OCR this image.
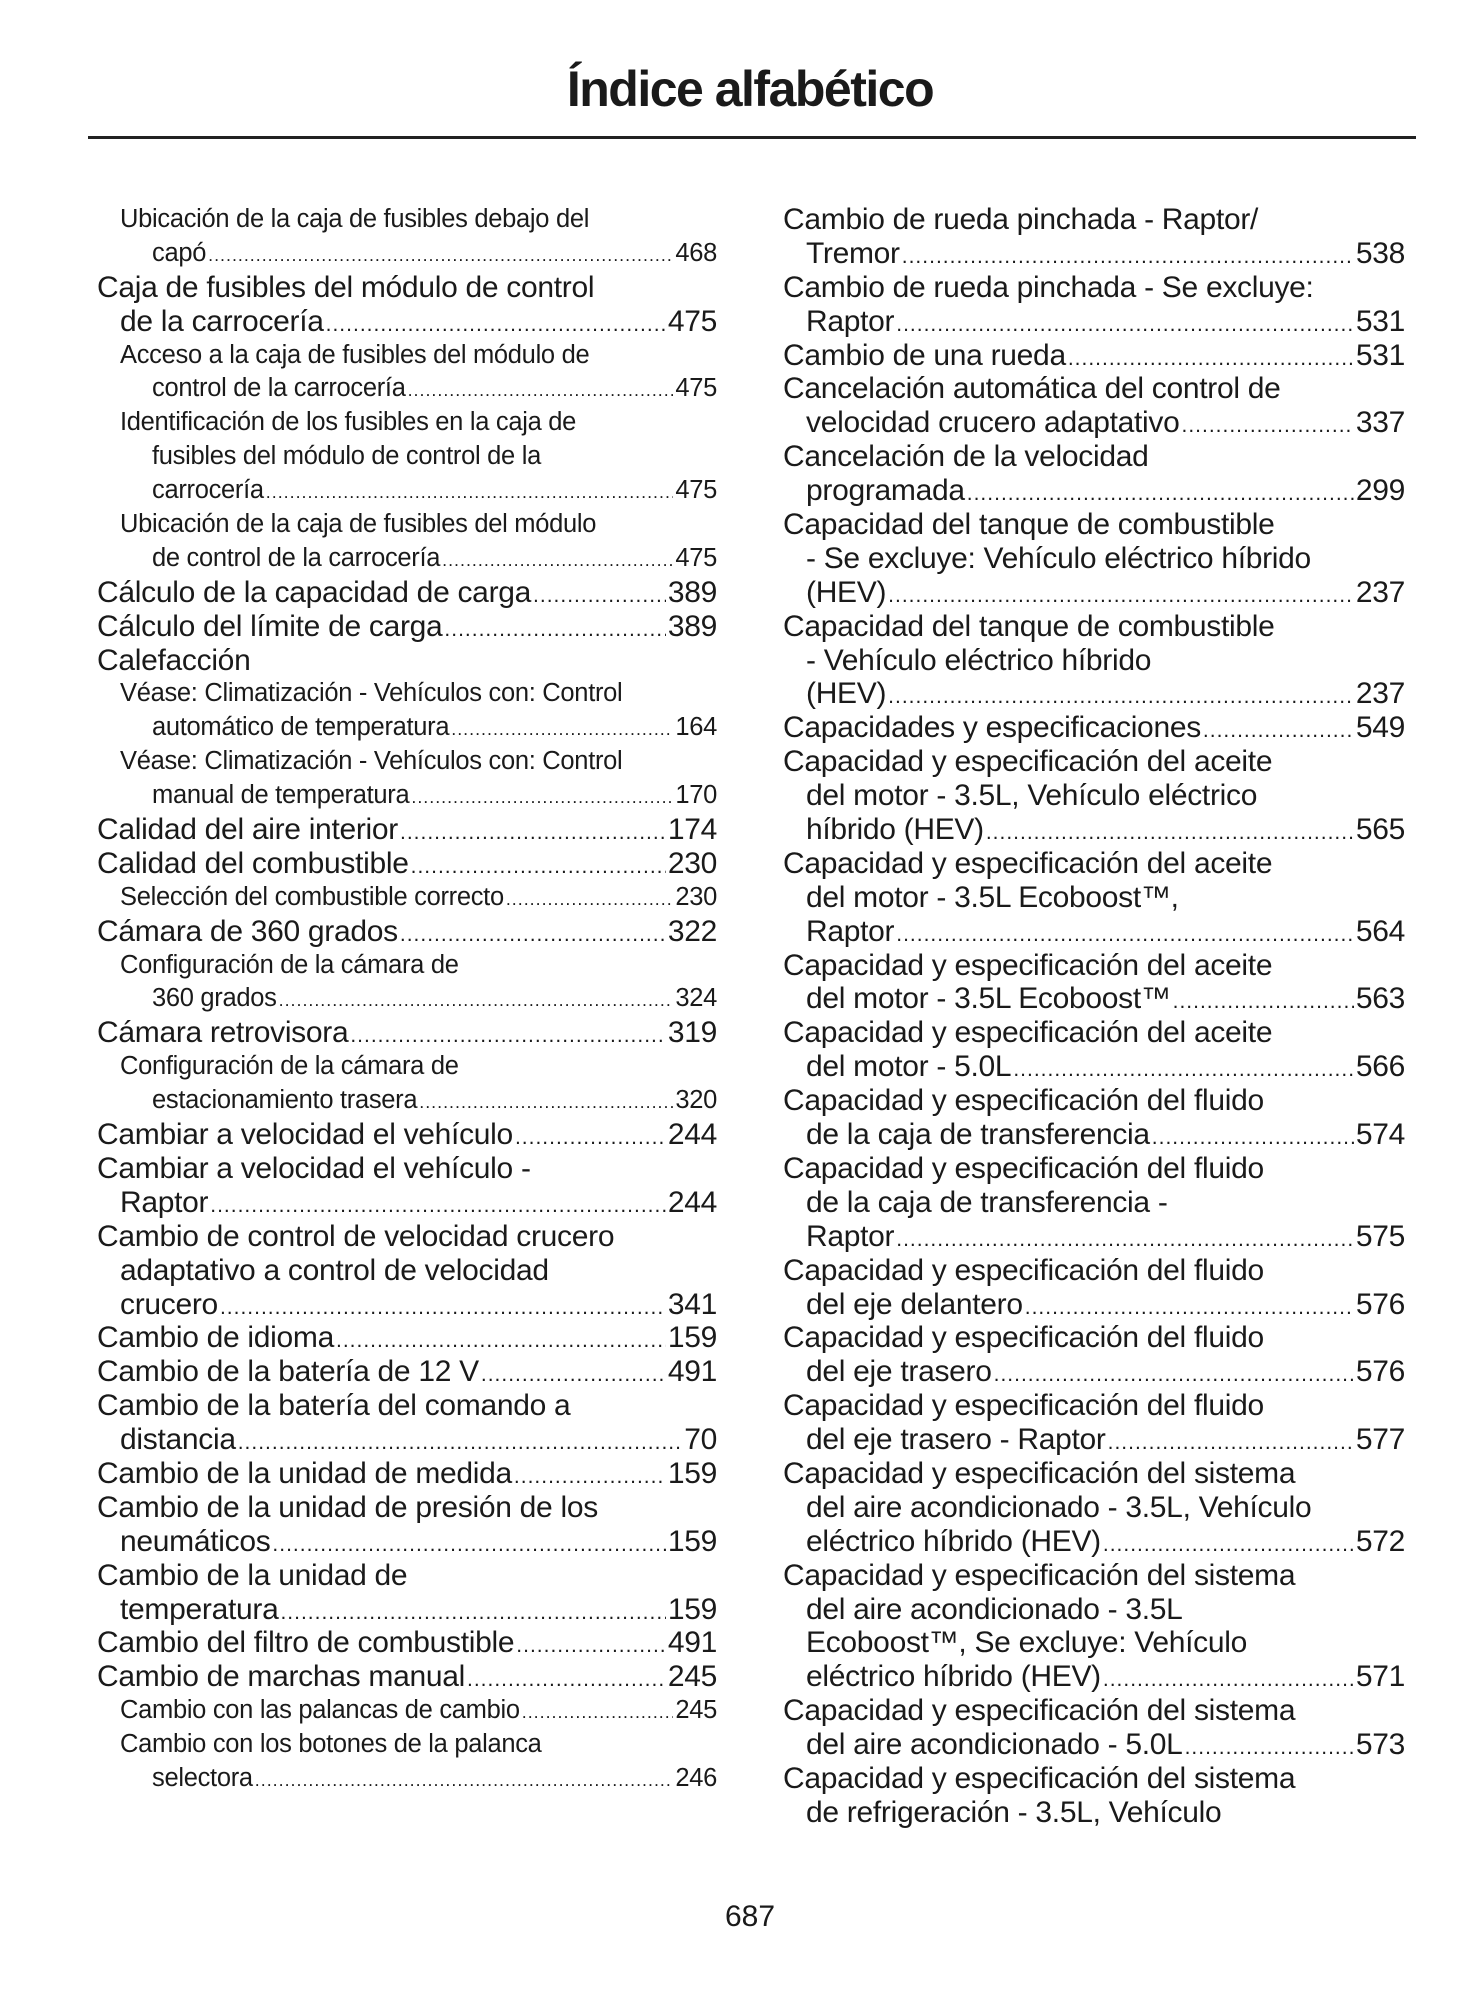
Índice alfabético
Ubicación de la caja de fusibles debajo del
capó .....	468
Caja de fusibles del módulo de control
de la carrocería .....	475
Acceso a la caja de fusibles del módulo de
control de la carrocería .....	475
Identificación de los fusibles en la caja de
fusibles del módulo de control de la
carrocería .....	475
Ubicación de la caja de fusibles del módulo
de control de la carrocería .....	475
Cálculo de la capacidad de carga .....	389
Cálculo del límite de carga .....	389
Calefacción
Véase: Climatización - Vehículos con: Control
automático de temperatura .....	164
Véase: Climatización - Vehículos con: Control
manual de temperatura .....	170
Calidad del aire interior .....	174
Calidad del combustible .....	230
Selección del combustible correcto .....	230
Cámara de 360 grados .....	322
Configuración de la cámara de
360 grados .....	324
Cámara retrovisora .....	319
Configuración de la cámara de
estacionamiento trasera .....	320
Cambiar a velocidad el vehículo .....	244
Cambiar a velocidad el vehículo -
Raptor .....	244
Cambio de control de velocidad crucero
adaptativo a control de velocidad
crucero .....	341
Cambio de idioma .....	159
Cambio de la batería de 12 V .....	491
Cambio de la batería del comando a
distancia .....	70
Cambio de la unidad de medida .....	159
Cambio de la unidad de presión de los
neumáticos .....	159
Cambio de la unidad de
temperatura .....	159
Cambio del filtro de combustible .....	491
Cambio de marchas manual .....	245
Cambio con las palancas de cambio .....	245
Cambio con los botones de la palanca
selectora .....	246
Cambio de rueda pinchada - Raptor/
Tremor .....	538
Cambio de rueda pinchada - Se excluye:
Raptor .....	531
Cambio de una rueda .....	531
Cancelación automática del control de
velocidad crucero adaptativo .....	337
Cancelación de la velocidad
programada .....	299
Capacidad del tanque de combustible
- Se excluye: Vehículo eléctrico híbrido
(HEV) .....	237
Capacidad del tanque de combustible
- Vehículo eléctrico híbrido
(HEV) .....	237
Capacidades y especificaciones .....	549
Capacidad y especificación del aceite
del motor - 3.5L, Vehículo eléctrico
híbrido (HEV) .....	565
Capacidad y especificación del aceite
del motor - 3.5L Ecoboost™,
Raptor .....	564
Capacidad y especificación del aceite
del motor - 3.5L Ecoboost™ .....	563
Capacidad y especificación del aceite
del motor - 5.0L .....	566
Capacidad y especificación del fluido
de la caja de transferencia .....	574
Capacidad y especificación del fluido
de la caja de transferencia -
Raptor .....	575
Capacidad y especificación del fluido
del eje delantero .....	576
Capacidad y especificación del fluido
del eje trasero .....	576
Capacidad y especificación del fluido
del eje trasero - Raptor .....	577
Capacidad y especificación del sistema
del aire acondicionado - 3.5L, Vehículo
eléctrico híbrido (HEV) .....	572
Capacidad y especificación del sistema
del aire acondicionado - 3.5L
Ecoboost™, Se excluye: Vehículo
eléctrico híbrido (HEV) .....	571
Capacidad y especificación del sistema
del aire acondicionado - 5.0L .....	573
Capacidad y especificación del sistema
de refrigeración - 3.5L, Vehículo
687
